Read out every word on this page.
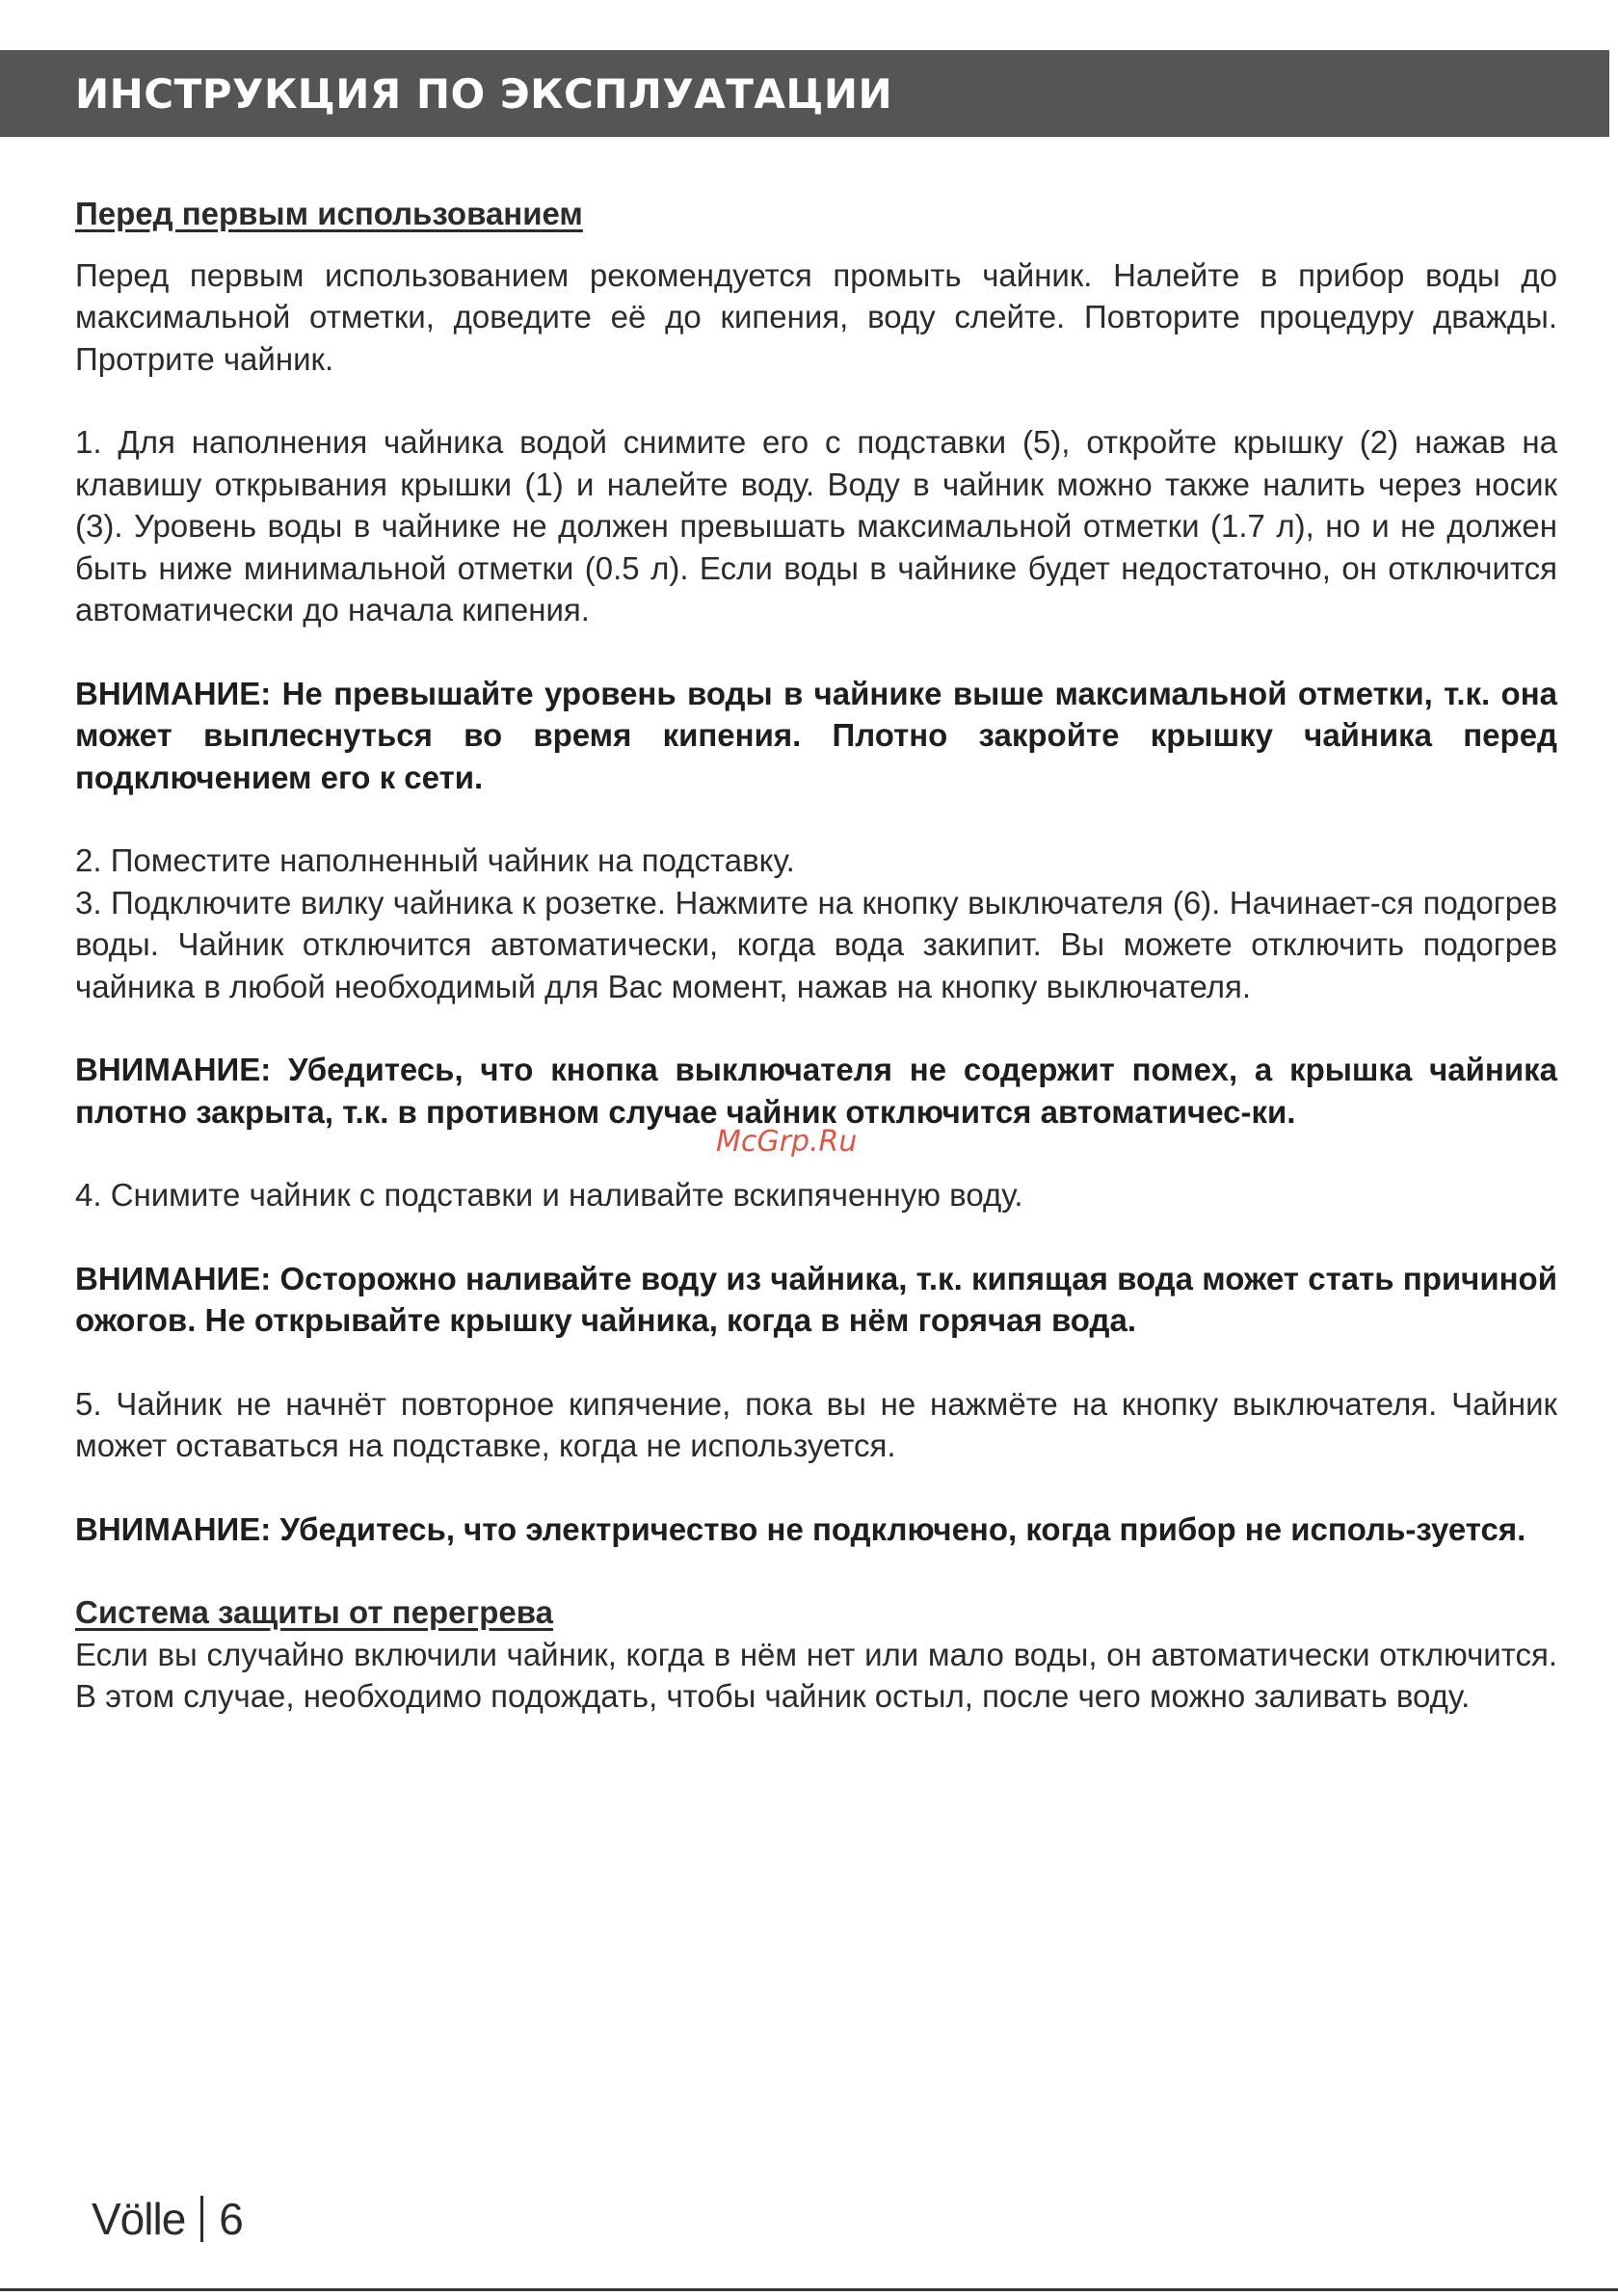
ИНСТРУКЦИЯ ПО ЭКСПЛУАТАЦИИ

Перед первым использованием

Перед первым использованием рекомендуется промыть чайник. Налейте в прибор воды до максимальной отметки, доведите её до кипения, воду слейте. Повторите процедуру дважды. Протрите чайник.

1. Для наполнения чайника водой снимите его с подставки (5), откройте крышку (2) нажав на клавишу открывания крышки (1) и налейте воду. Воду в чайник можно также налить через носик (3). Уровень воды в чайнике не должен превышать максимальной отметки (1.7 л), но и не должен быть ниже минимальной отметки (0.5 л). Если воды в чайнике будет недостаточно, он отключится автоматически до начала кипения.

ВНИМАНИЕ: Не превышайте уровень воды в чайнике выше максимальной отметки, т.к. она может выплеснуться во время кипения. Плотно закройте крышку чайника перед подключением его к сети.

2. Поместите наполненный чайник на подставку.

3. Подключите вилку чайника к розетке. Нажмите на кнопку выключателя (6). Начинает-ся подогрев воды. Чайник отключится автоматически, когда вода закипит. Вы можете отключить подогрев чайника в любой необходимый для Вас момент, нажав на кнопку выключателя.

ВНИМАНИЕ: Убедитесь, что кнопка выключателя не содержит помех, а крышка чайника плотно закрыта, т.к. в противном случае чайник отключится автоматичес-ки.

4. Снимите чайник с подставки и наливайте вскипяченную воду.

ВНИМАНИЕ: Осторожно наливайте воду из чайника, т.к. кипящая вода может стать причиной ожогов. Не открывайте крышку чайника, когда в нём горячая вода.

5. Чайник не начнёт повторное кипячение, пока вы не нажмёте на кнопку выключателя. Чайник может оставаться на подставке, когда не используется.

ВНИМАНИЕ: Убедитесь, что электричество не подключено, когда прибор не исполь-зуется.

Система защиты от перегрева

Если вы случайно включили чайник, когда в нём нет или мало воды, он автоматически отключится. В этом случае, необходимо подождать, чтобы чайник остыл, после чего можно заливать воду.

McGrp.Ru
Völle 6
